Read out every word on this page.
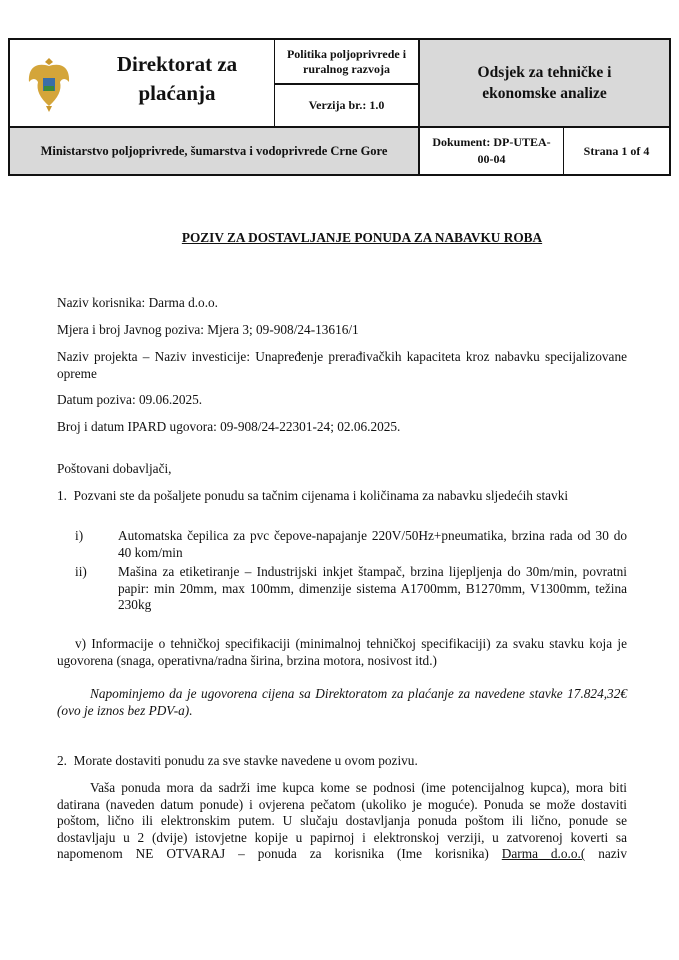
Direktorat za plaćanja
Politika poljoprivrede i ruralnog razvoja
Verzija br.: 1.0
Odsjek za tehničke i ekonomske analize
Ministarstvo poljoprivrede, šumarstva i vodoprivrede Crne Gore
Dokument: DP-UTEA-00-04
Strana 1 of 4
POZIV ZA DOSTAVLJANJE PONUDA ZA NABAVKU ROBA
Naziv korisnika: Darma d.o.o.
Mjera i broj Javnog poziva: Mjera 3; 09-908/24-13616/1
Naziv projekta – Naziv investicije: Unapređenje prerađivačkih kapaciteta kroz nabavku specijalizovane opreme
Datum poziva: 09.06.2025.
Broj i datum IPARD ugovora: 09-908/24-22301-24; 02.06.2025.
Poštovani dobavljači,
1.  Pozvani ste da pošaljete ponudu sa tačnim cijenama i količinama za nabavku sljedećih stavki
i)	Automatska čepilica za pvc čepove-napajanje 220V/50Hz+pneumatika, brzina rada od 30 do 40 kom/min
ii) Mašina za etiketiranje – Industrijski inkjet štampač, brzina lijepljenja do 30m/min, povratni papir: min 20mm, max 100mm, dimenzije sistema A1700mm, B1270mm, V1300mm, težina 230kg
v) Informacije o tehničkoj specifikaciji (minimalnoj tehničkoj specifikaciji) za svaku stavku koja je ugovorena (snaga, operativna/radna širina, brzina motora, nosivost itd.)
Napominjemo da je ugovorena cijena sa Direktoratom za plaćanje za navedene stavke 17.824,32€ (ovo je iznos bez PDV-a).
2.  Morate dostaviti ponudu za sve stavke navedene u ovom pozivu.
Vaša ponuda mora da sadrži ime kupca kome se podnosi (ime potencijalnog kupca), mora biti datirana (naveden datum ponude) i ovjerena pečatom (ukoliko je moguće). Ponuda se može dostaviti poštom, lično ili elektronskim putem. U slučaju dostavljanja ponuda poštom ili lično, ponude se dostavljaju u 2 (dvije) istovjetne kopije u papirnoj i elektronskoj verziji, u zatvorenoj koverti sa napomenom NE OTVARAJ – ponuda za korisnika (Ime korisnika) Darma d.o.o.( naziv
